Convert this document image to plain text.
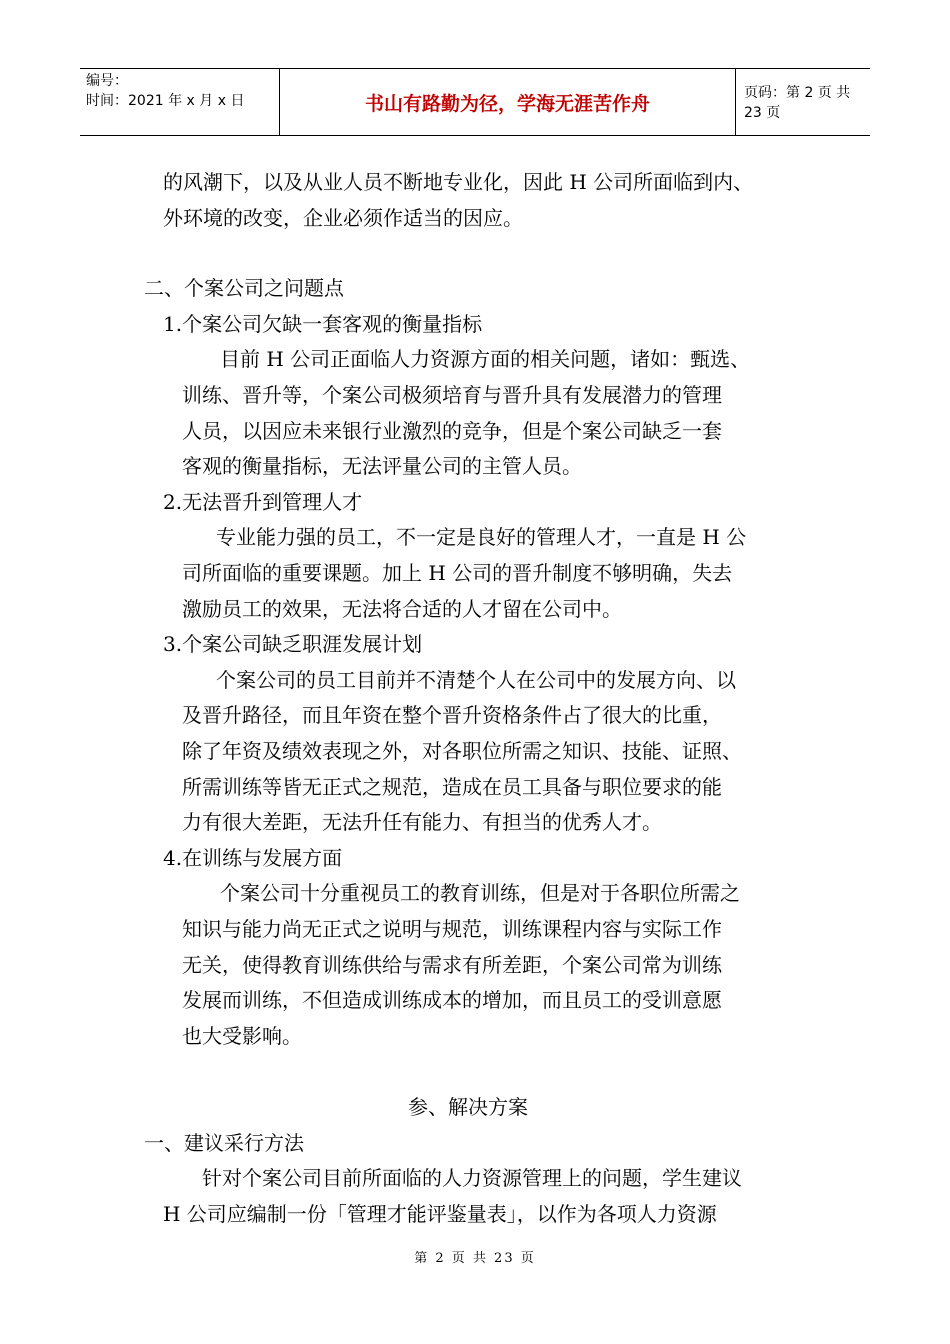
编号：
时间：2021 年 x 月 x 日	书山有路勤为径，学海无涯苦作舟	页码：第 2 页 共 23 页
的风潮下，以及从业人员不断地专业化，因此 H 公司所面临到内、
外环境的改变，企业必须作适当的因应。
二、个案公司之问题点
1.个案公司欠缺一套客观的衡量指标
目前 H 公司正面临人力资源方面的相关问题，诸如：甄选、
训练、晋升等，个案公司极须培育与晋升具有发展潜力的管理
人员，以因应未来银行业激烈的竞争，但是个案公司缺乏一套
客观的衡量指标，无法评量公司的主管人员。
2.无法晋升到管理人才
专业能力强的员工，不一定是良好的管理人才，一直是 H 公
司所面临的重要课题。加上 H 公司的晋升制度不够明确，失去
激励员工的效果，无法将合适的人才留在公司中。
3.个案公司缺乏职涯发展计划
个案公司的员工目前并不清楚个人在公司中的发展方向、以
及晋升路径，而且年资在整个晋升资格条件占了很大的比重，
除了年资及绩效表现之外，对各职位所需之知识、技能、证照、
所需训练等皆无正式之规范，造成在员工具备与职位要求的能
力有很大差距，无法升任有能力、有担当的优秀人才。
4.在训练与发展方面
个案公司十分重视员工的教育训练，但是对于各职位所需之
知识与能力尚无正式之说明与规范，训练课程内容与实际工作
无关，使得教育训练供给与需求有所差距，个案公司常为训练
发展而训练，不但造成训练成本的增加，而且员工的受训意愿
也大受影响。
参、解决方案
一、建议采行方法
针对个案公司目前所面临的人力资源管理上的问题，学生建议
H 公司应编制一份「管理才能评鉴量表」，以作为各项人力资源
第 2 页 共 23 页
